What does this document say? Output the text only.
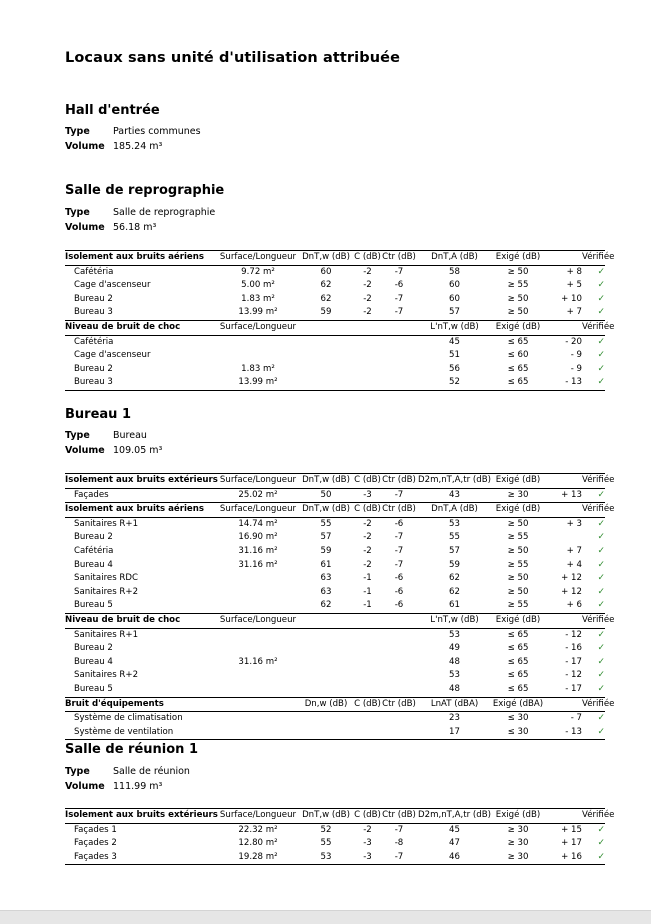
Locaux sans unité d'utilisation attribuée
Hall d'entrée
Type Parties communes
Volume 185.24 m³
Salle de reprographie
Type Salle de reprographie
Volume 56.18 m³
Isolement aux bruits aériens	Surface/Longueur	DnT,w (dB)	C (dB)	Ctr (dB)	DnT,A (dB)	Exigé (dB)		Vérifiée
Cafétéria	9.72 m²	60	-2	-7	58	≥ 50	+ 8	✓
Cage d'ascenseur	5.00 m²	62	-2	-6	60	≥ 55	+ 5	✓
Bureau 2	1.83 m²	62	-2	-7	60	≥ 50	+ 10	✓
Bureau 3	13.99 m²	59	-2	-7	57	≥ 50	+ 7	✓
Niveau de bruit de choc	Surface/Longueur				L'nT,w (dB)	Exigé (dB)		Vérifiée
Cafétéria					45	≤ 65	- 20	✓
Cage d'ascenseur					51	≤ 60	- 9	✓
Bureau 2	1.83 m²				56	≤ 65	- 9	✓
Bureau 3	13.99 m²				52	≤ 65	- 13	✓
Bureau 1
Type Bureau
Volume 109.05 m³
Isolement aux bruits extérieurs	Surface/Longueur	DnT,w (dB)	C (dB)	Ctr (dB)	D2m,nT,A,tr (dB)	Exigé (dB)		Vérifiée
Façades	25.02 m²	50	-3	-7	43	≥ 30	+ 13	✓
Isolement aux bruits aériens	Surface/Longueur	DnT,w (dB)	C (dB)	Ctr (dB)	DnT,A (dB)	Exigé (dB)		Vérifiée
Sanitaires R+1	14.74 m²	55	-2	-6	53	≥ 50	+ 3	✓
Bureau 2	16.90 m²	57	-2	-7	55	≥ 55		✓
Cafétéria	31.16 m²	59	-2	-7	57	≥ 50	+ 7	✓
Bureau 4	31.16 m²	61	-2	-7	59	≥ 55	+ 4	✓
Sanitaires RDC		63	-1	-6	62	≥ 50	+ 12	✓
Sanitaires R+2		63	-1	-6	62	≥ 50	+ 12	✓
Bureau 5		62	-1	-6	61	≥ 55	+ 6	✓
Niveau de bruit de choc	Surface/Longueur				L'nT,w (dB)	Exigé (dB)		Vérifiée
Sanitaires R+1					53	≤ 65	- 12	✓
Bureau 2					49	≤ 65	- 16	✓
Bureau 4	31.16 m²				48	≤ 65	- 17	✓
Sanitaires R+2					53	≤ 65	- 12	✓
Bureau 5					48	≤ 65	- 17	✓
Bruit d'équipements		Dn,w (dB)	C (dB)	Ctr (dB)	LnAT (dBA)	Exigé (dBA)		Vérifiée
Système de climatisation					23	≤ 30	- 7	✓
Système de ventilation					17	≤ 30	- 13	✓
Salle de réunion 1
Type Salle de réunion
Volume 111.99 m³
Isolement aux bruits extérieurs	Surface/Longueur	DnT,w (dB)	C (dB)	Ctr (dB)	D2m,nT,A,tr (dB)	Exigé (dB)		Vérifiée
Façades 1	22.32 m²	52	-2	-7	45	≥ 30	+ 15	✓
Façades 2	12.80 m²	55	-3	-8	47	≥ 30	+ 17	✓
Façades 3	19.28 m²	53	-3	-7	46	≥ 30	+ 16	✓
